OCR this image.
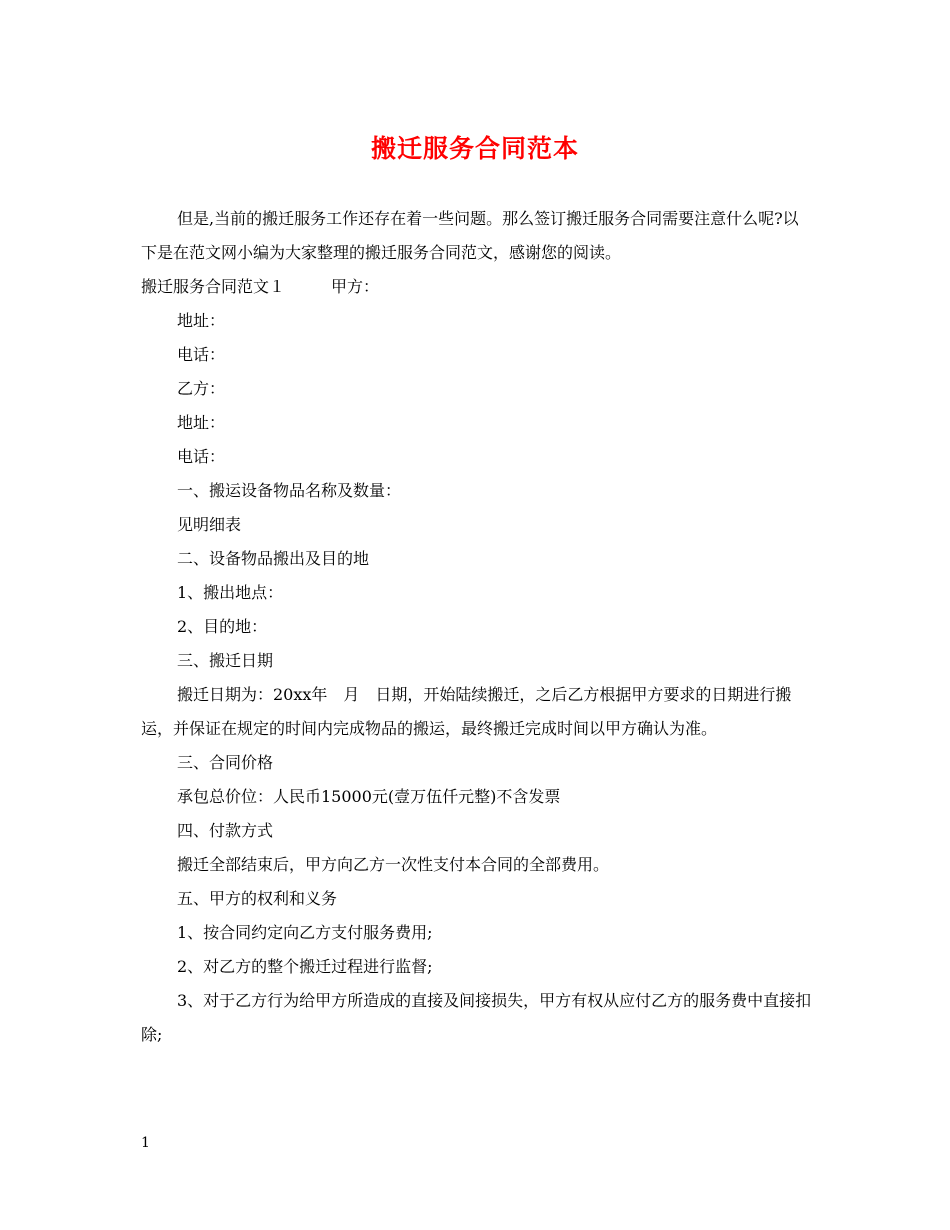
搬迁服务合同范本

但是,当前的搬迁服务工作还存在着一些问题。那么签订搬迁服务合同需要注意什么呢?以下是在范文网小编为大家整理的搬迁服务合同范文，感谢您的阅读。

搬迁服务合同范文１	甲方：

地址：

电话：

乙方：

地址：

电话：

一、搬运设备物品名称及数量：

见明细表

二、设备物品搬出及目的地

1、搬出地点：

2、目的地：

三、搬迁日期

搬迁日期为：20xx年　月　日期，开始陆续搬迁，之后乙方根据甲方要求的日期进行搬运，并保证在规定的时间内完成物品的搬运，最终搬迁完成时间以甲方确认为准。

三、合同价格

承包总价位：人民币15000元(壹万伍仟元整)不含发票

四、付款方式

搬迁全部结束后，甲方向乙方一次性支付本合同的全部费用。

五、甲方的权利和义务

1、按合同约定向乙方支付服务费用;

2、对乙方的整个搬迁过程进行监督;

3、对于乙方行为给甲方所造成的直接及间接损失，甲方有权从应付乙方的服务费中直接扣除;

1
